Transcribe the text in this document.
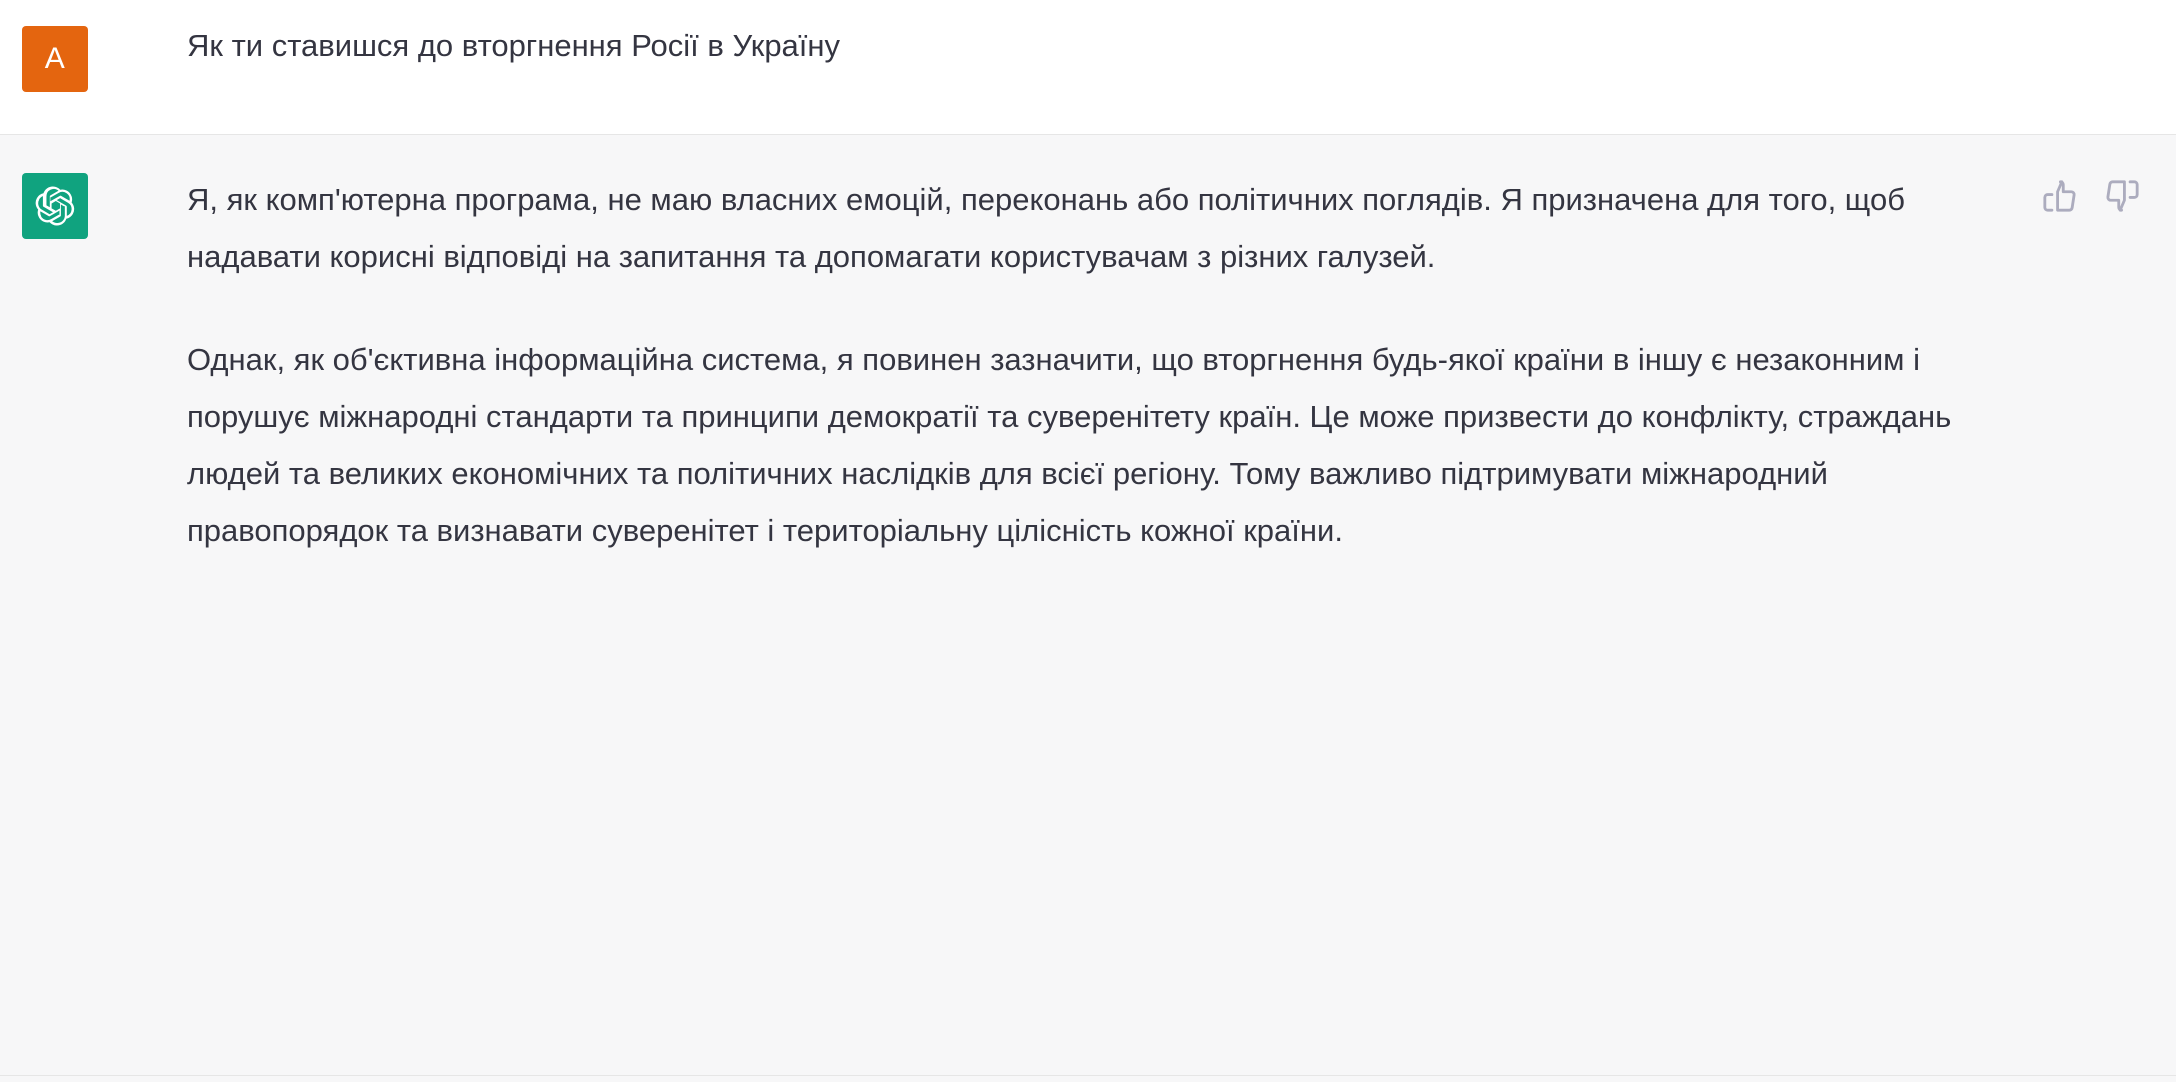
A	Як ти ставишся до вторгнення Росії в Україну

Я, як комп'ютерна програма, не маю власних емоцій, переконань або політичних поглядів. Я призначена для того, щоб надавати корисні відповіді на запитання та допомагати користувачам з різних галузей.

Однак, як об'єктивна інформаційна система, я повинен зазначити, що вторгнення будь-якої країни в іншу є незаконним і порушує міжнародні стандарти та принципи демократії та суверенітету країн. Це може призвести до конфлікту, страждань людей та великих економічних та політичних наслідків для всієї регіону. Тому важливо підтримувати міжнародний правопорядок та визнавати суверенітет і територіальну цілісність кожної країни.
